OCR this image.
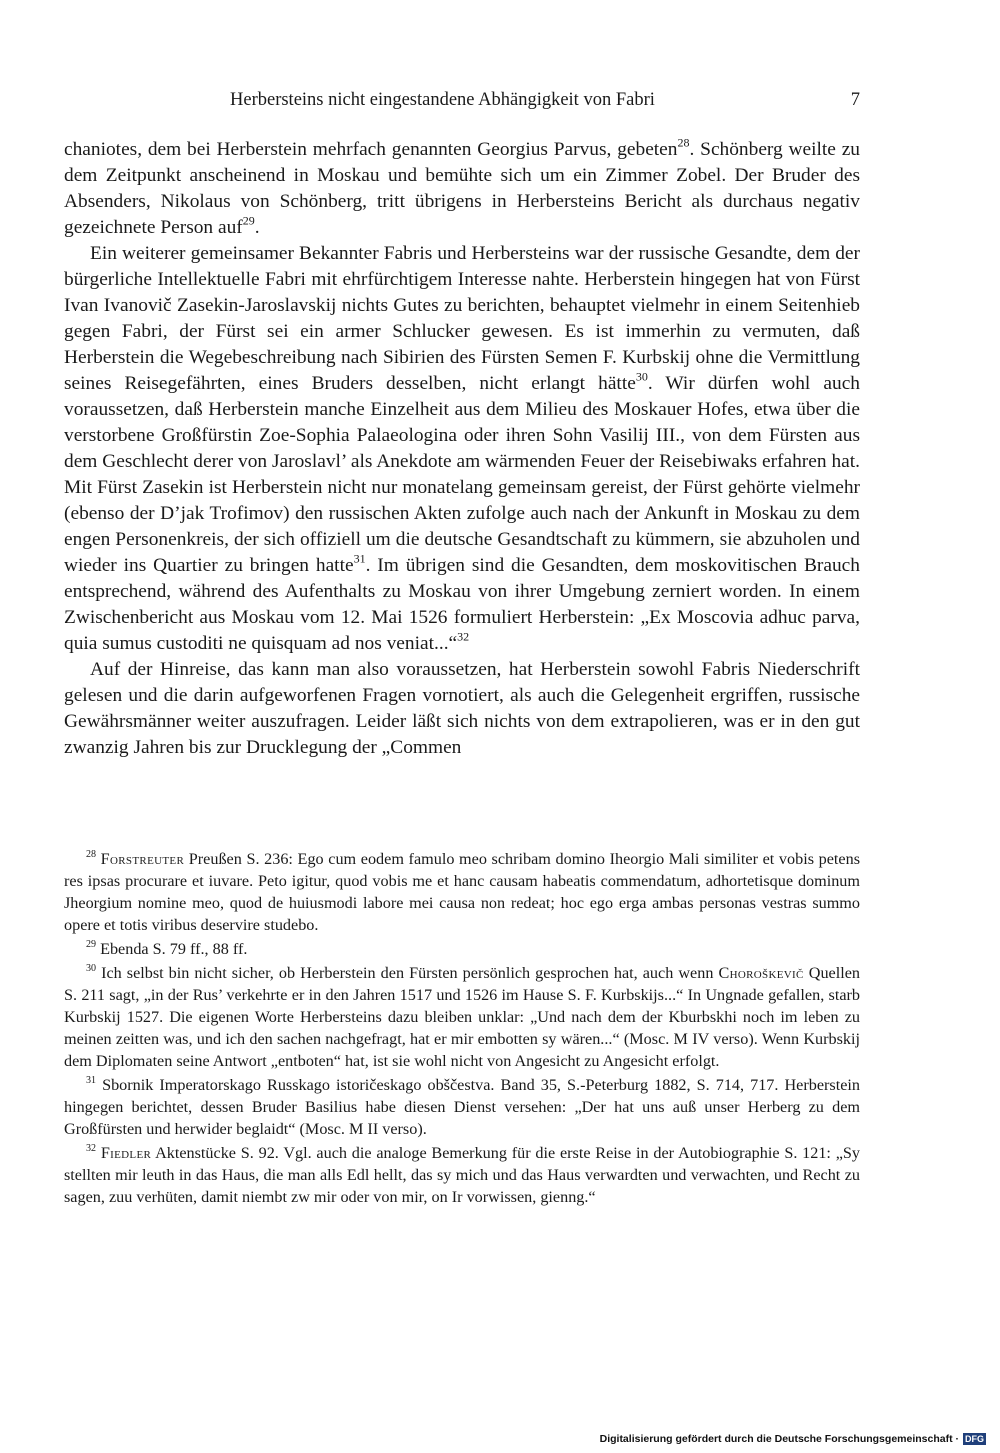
Herbersteins nicht eingestandene Abhängigkeit von Fabri	7

chaniotes, dem bei Herberstein mehrfach genannten Georgius Parvus, gebeten$^{28}$. Schönberg weilte zu dem Zeitpunkt anscheinend in Moskau und bemühte sich um ein Zimmer Zobel. Der Bruder des Absenders, Nikolaus von Schönberg, tritt übrigens in Herbersteins Bericht als durchaus negativ gezeichnete Person auf$^{29}$.

Ein weiterer gemeinsamer Bekannter Fabris und Herbersteins war der russische Gesandte, dem der bürgerliche Intellektuelle Fabri mit ehrfürchtigem Interesse nahte. Herberstein hingegen hat von Fürst Ivan Ivanovič Zasekin-Jaroslavskij nichts Gutes zu berichten, behauptet vielmehr in einem Seitenhieb gegen Fabri, der Fürst sei ein armer Schlucker gewesen. Es ist immerhin zu vermuten, daß Herberstein die Wegebeschreibung nach Sibirien des Fürsten Semen F. Kurbskij ohne die Vermittlung seines Reisegefährten, eines Bruders desselben, nicht erlangt hätte$^{30}$. Wir dürfen wohl auch voraussetzen, daß Herberstein manche Einzelheit aus dem Milieu des Moskauer Hofes, etwa über die verstorbene Großfürstin Zoe-Sophia Palaeologina oder ihren Sohn Vasilij III., von dem Fürsten aus dem Geschlecht derer von Jaroslavl’ als Anekdote am wärmenden Feuer der Reisebiwaks erfahren hat. Mit Fürst Zasekin ist Herberstein nicht nur monatelang gemeinsam gereist, der Fürst gehörte vielmehr (ebenso der D’jak Trofimov) den russischen Akten zufolge auch nach der Ankunft in Moskau zu dem engen Personenkreis, der sich offiziell um die deutsche Gesandtschaft zu kümmern, sie abzuholen und wieder ins Quartier zu bringen hatte$^{31}$. Im übrigen sind die Gesandten, dem moskovitischen Brauch entsprechend, während des Aufenthalts zu Moskau von ihrer Umgebung zerniert worden. In einem Zwischenbericht aus Moskau vom 12. Mai 1526 formuliert Herberstein: „Ex Moscovia adhuc parva, quia sumus custoditi ne quisquam ad nos veniat...“$^{32}$

Auf der Hinreise, das kann man also voraussetzen, hat Herberstein sowohl Fabris Niederschrift gelesen und die darin aufgeworfenen Fragen vornotiert, als auch die Gelegenheit ergriffen, russische Gewährsmänner weiter auszufragen. Leider läßt sich nichts von dem extrapolieren, was er in den gut zwanzig Jahren bis zur Drucklegung der „Commen

$^{28}$ Forstreuter Preußen S. 236: Ego cum eodem famulo meo schribam domino Iheorgio Mali similiter et vobis petens res ipsas procurare et iuvare. Peto igitur, quod vobis me et hanc causam habeatis commendatum, adhortetisque dominum Jheorgium nomine meo, quod de huiusmodi labore mei causa non redeat; hoc ego erga ambas personas vestras summo opere et totis viribus deservire studebo.

$^{29}$ Ebenda S. 79 ff., 88 ff.

$^{30}$ Ich selbst bin nicht sicher, ob Herberstein den Fürsten persönlich gesprochen hat, auch wenn Choroškevič Quellen S. 211 sagt, „in der Rus’ verkehrte er in den Jahren 1517 und 1526 im Hause S. F. Kurbskijs...“ In Ungnade gefallen, starb Kurbskij 1527. Die eigenen Worte Herbersteins dazu bleiben unklar: „Und nach dem der Kburbskhi noch im leben zu meinen zeitten was, und ich den sachen nachgefragt, hat er mir embotten sy wären...“ (Mosc. M IV verso). Wenn Kurbskij dem Diplomaten seine Antwort „entboten“ hat, ist sie wohl nicht von Angesicht zu Angesicht erfolgt.

$^{31}$ Sbornik Imperatorskago Russkago istoričeskago obščestva. Band 35, S.-Peterburg 1882, S. 714, 717. Herberstein hingegen berichtet, dessen Bruder Basilius habe diesen Dienst versehen: „Der hat uns auß unser Herberg zu dem Großfürsten und herwider beglaidt“ (Mosc. M II verso).

$^{32}$ Fiedler Aktenstücke S. 92. Vgl. auch die analoge Bemerkung für die erste Reise in der Autobiographie S. 121: „Sy stellten mir leuth in das Haus, die man alls Edl hellt, das sy mich und das Haus verwardten und verwachten, und Recht zu sagen, zuu verhüten, damit niembt zw mir oder von mir, on Ir vorwissen, gienng.“

Digitalisierung gefördert durch die Deutsche Forschungsgemeinschaft · DFG
